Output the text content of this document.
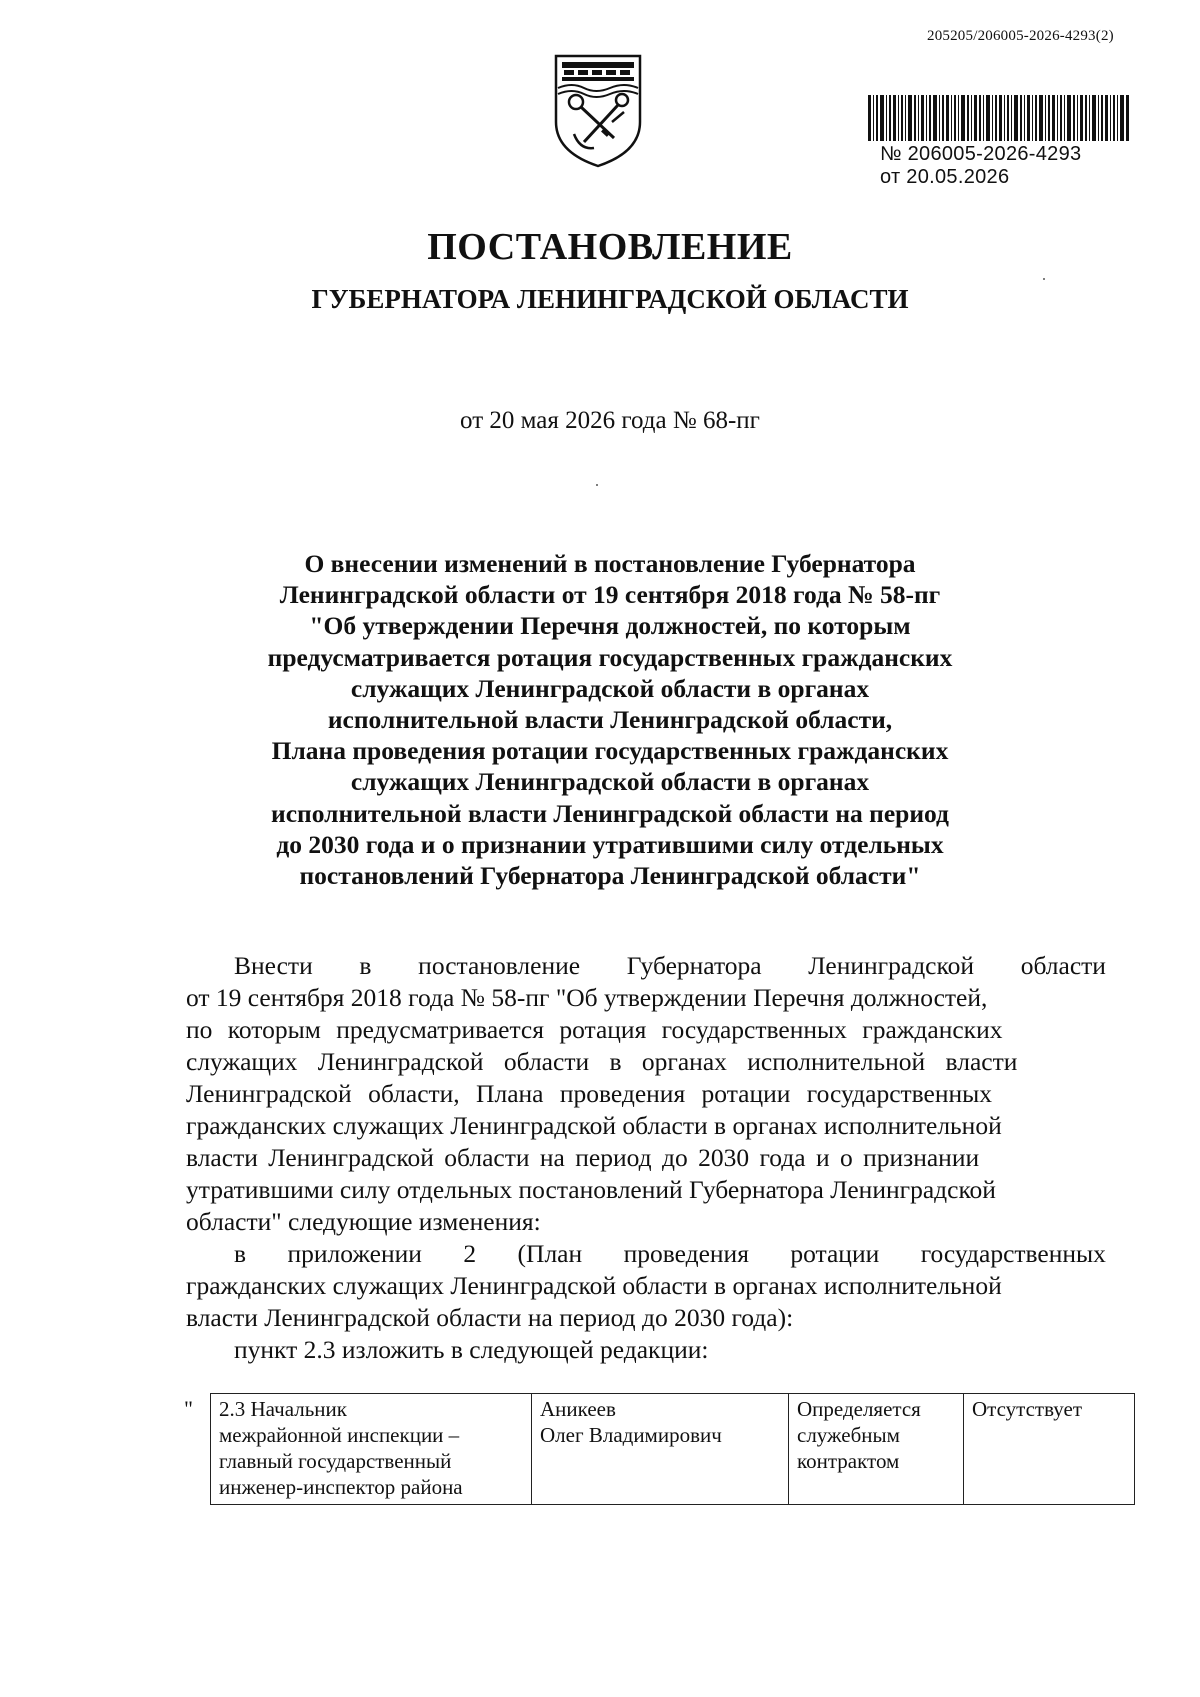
205205/206005-2026-4293(2)
№ 206005-2026-4293
от 20.05.2026
ПОСТАНОВЛЕНИЕ
ГУБЕРНАТОРА ЛЕНИНГРАДСКОЙ ОБЛАСТИ
от 20 мая 2026 года № 68-пг
О внесении изменений в постановление Губернатора
Ленинградской области от 19 сентября 2018 года № 58-пг
"Об утверждении Перечня должностей, по которым
предусматривается ротация государственных гражданских
служащих Ленинградской области в органах
исполнительной власти Ленинградской области,
Плана проведения ротации государственных гражданских
служащих Ленинградской области в органах
исполнительной власти Ленинградской области на период
до 2030 года и о признании утратившими силу отдельных
постановлений Губернатора Ленинградской области"
Внести в постановление Губернатора Ленинградской области
от 19 сентября 2018 года № 58-пг "Об утверждении Перечня должностей,
по которым предусматривается ротация государственных гражданских
служащих Ленинградской области в органах исполнительной власти
Ленинградской области, Плана проведения ротации государственных
гражданских служащих Ленинградской области в органах исполнительной
власти Ленинградской области на период до 2030 года и о признании
утратившими силу отдельных постановлений Губернатора Ленинградской
области" следующие изменения:
в приложении 2 (План проведения ротации государственных
гражданских служащих Ленинградской области в органах исполнительной
власти Ленинградской области на период до 2030 года):
пункт 2.3 изложить в следующей редакции:
" 2.3 Начальник
межрайонной инспекции –
главный государственный
инженер-инспектор района

Аникеев
Олег Владимирович

Определяется
служебным
контрактом

Отсутствует
